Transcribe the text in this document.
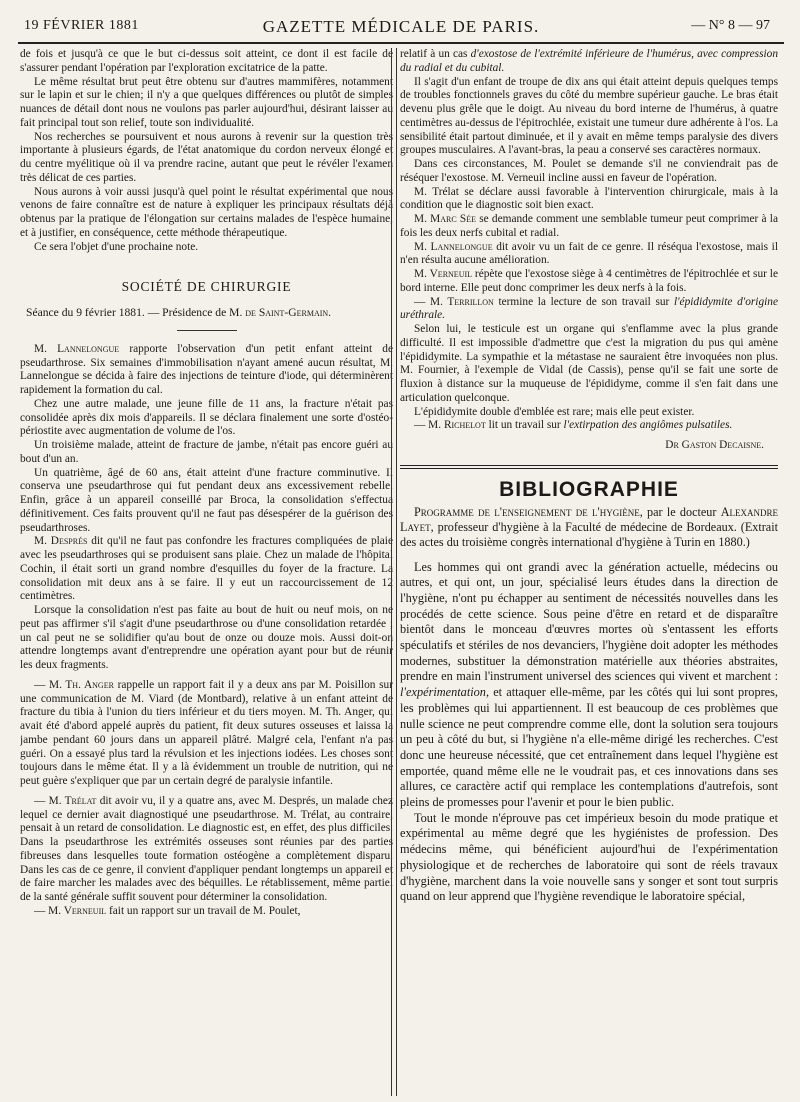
19 FÉVRIER 1881	GAZETTE MÉDICALE DE PARIS.	— N° 8 — 97

de fois et jusqu'à ce que le but ci-dessus soit atteint, ce dont il est facile de s'assurer pendant l'opération par l'exploration excitatrice de la patte.

Le même résultat brut peut être obtenu sur d'autres mammifères, notamment sur le lapin et sur le chien; il n'y a que quelques différences ou plutôt de simples nuances de détail dont nous ne voulons pas parler aujourd'hui, désirant laisser au fait principal tout son relief, toute son individualité.

Nos recherches se poursuivent et nous aurons à revenir sur la question très importante à plusieurs égards, de l'état anatomique du cordon nerveux élongé et du centre myélitique où il va prendre racine, autant que peut le révéler l'examen très délicat de ces parties.

Nous aurons à voir aussi jusqu'à quel point le résultat expérimental que nous venons de faire connaître est de nature à expliquer les principaux résultats déjà obtenus par la pratique de l'élongation sur certains malades de l'espèce humaine, et à justifier, en conséquence, cette méthode thérapeutique.

Ce sera l'objet d'une prochaine note.

SOCIÉTÉ DE CHIRURGIE

Séance du 9 février 1881. — Présidence de M. de Saint-Germain.

M. Lannelongue rapporte l'observation d'un petit enfant atteint de pseudarthrose. Six semaines d'immobilisation n'ayant amené aucun résultat, M. Lannelongue se décida à faire des injections de teinture d'iode, qui déterminèrent rapidement la formation du cal.

Chez une autre malade, une jeune fille de 11 ans, la fracture n'était pas consolidée après dix mois d'appareils. Il se déclara finalement une sorte d'ostéo-périostite avec augmentation de volume de l'os.

Un troisième malade, atteint de fracture de jambe, n'était pas encore guéri au bout d'un an.

Un quatrième, âgé de 60 ans, était atteint d'une fracture comminutive. Il conserva une pseudarthrose qui fut pendant deux ans excessivement rebelle. Enfin, grâce à un appareil conseillé par Broca, la consolidation s'effectua définitivement. Ces faits prouvent qu'il ne faut pas désespérer de la guérison des pseudarthroses.

M. Després dit qu'il ne faut pas confondre les fractures compliquées de plaie avec les pseudarthroses qui se produisent sans plaie. Chez un malade de l'hôpital Cochin, il était sorti un grand nombre d'esquilles du foyer de la fracture. La consolidation mit deux ans à se faire. Il y eut un raccourcissement de 12 centimètres.

Lorsque la consolidation n'est pas faite au bout de huit ou neuf mois, on ne peut pas affirmer s'il s'agit d'une pseudarthrose ou d'une consolidation retardée ; un cal peut ne se solidifier qu'au bout de onze ou douze mois. Aussi doit-on attendre longtemps avant d'entreprendre une opération ayant pour but de réunir les deux fragments.

— M. Th. Anger rappelle un rapport fait il y a deux ans par M. Poisillon sur une communication de M. Viard (de Montbard), relative à un enfant atteint de fracture du tibia à l'union du tiers inférieur et du tiers moyen. M. Th. Anger, qui avait été d'abord appelé auprès du patient, fit deux sutures osseuses et laissa la jambe pendant 60 jours dans un appareil plâtré. Malgré cela, l'enfant n'a pas guéri. On a essayé plus tard la révulsion et les injections iodées. Les choses sont toujours dans le même état. Il y a là évidemment un trouble de nutrition, qui ne peut guère s'expliquer que par un certain degré de paralysie infantile.

— M. Trélat dit avoir vu, il y a quatre ans, avec M. Després, un malade chez lequel ce dernier avait diagnostiqué une pseudarthrose. M. Trélat, au contraire, pensait à un retard de consolidation. Le diagnostic est, en effet, des plus difficiles. Dans la pseudarthrose les extrémités osseuses sont réunies par des parties fibreuses dans lesquelles toute formation ostéogène a complètement disparu. Dans les cas de ce genre, il convient d'appliquer pendant longtemps un appareil et de faire marcher les malades avec des béquilles. Le rétablissement, même partiel de la santé générale suffit souvent pour déterminer la consolidation.

— M. Verneuil fait un rapport sur un travail de M. Poulet,

relatif à un cas d'exostose de l'extrémité inférieure de l'humérus, avec compression du radial et du cubital.

Il s'agit d'un enfant de troupe de dix ans qui était atteint depuis quelques temps de troubles fonctionnels graves du côté du membre supérieur gauche. Le bras était devenu plus grêle que le doigt. Au niveau du bord interne de l'humérus, à quatre centimètres au-dessus de l'épitrochlée, existait une tumeur dure adhérente à l'os. La sensibilité était partout diminuée, et il y avait en même temps paralysie des divers groupes musculaires. A l'avant-bras, la peau a conservé ses caractères normaux.

Dans ces circonstances, M. Poulet se demande s'il ne conviendrait pas de réséquer l'exostose. M. Verneuil incline aussi en faveur de l'opération.

M. Trélat se déclare aussi favorable à l'intervention chirurgicale, mais à la condition que le diagnostic soit bien exact.

M. Marc Sée se demande comment une semblable tumeur peut comprimer à la fois les deux nerfs cubital et radial.

M. Lannelongue dit avoir vu un fait de ce genre. Il réséqua l'exostose, mais il n'en résulta aucune amélioration.

M. Verneuil répète que l'exostose siège à 4 centimètres de l'épitrochlée et sur le bord interne. Elle peut donc comprimer les deux nerfs à la fois.

— M. Terrillon termine la lecture de son travail sur l'épididymite d'origine uréthrale.

Selon lui, le testicule est un organe qui s'enflamme avec la plus grande difficulté. Il est impossible d'admettre que c'est la migration du pus qui amène l'épididymite. La sympathie et la métastase ne sauraient être invoquées non plus. M. Fournier, à l'exemple de Vidal (de Cassis), pense qu'il se fait une sorte de fluxion à distance sur la muqueuse de l'épididyme, comme il s'en fait dans une articulation quelconque.

L'épididymite double d'emblée est rare; mais elle peut exister.

— M. Richelot lit un travail sur l'extirpation des angiômes pulsatiles.

Dr Gaston Decaisne.

BIBLIOGRAPHIE

Programme de l'enseignement de l'hygiène, par le docteur Alexandre Layet, professeur d'hygiène à la Faculté de médecine de Bordeaux. (Extrait des actes du troisième congrès international d'hygiène à Turin en 1880.)

Les hommes qui ont grandi avec la génération actuelle, médecins ou autres, et qui ont, un jour, spécialisé leurs études dans la direction de l'hygiène, n'ont pu échapper au sentiment de nécessités nouvelles dans les procédés de cette science. Sous peine d'être en retard et de disparaître bientôt dans le monceau d'œuvres mortes où s'entassent les efforts spéculatifs et stériles de nos devanciers, l'hygiène doit adopter les méthodes modernes, substituer la démonstration matérielle aux théories abstraites, prendre en main l'instrument universel des sciences qui vivent et marchent : l'expérimentation, et attaquer elle-même, par les côtés qui lui sont propres, les problèmes qui lui appartiennent. Il est beaucoup de ces problèmes que nulle science ne peut comprendre comme elle, dont la solution sera toujours un peu à côté du but, si l'hygiène n'a elle-même dirigé les recherches. C'est donc une heureuse nécessité, que cet entraînement dans lequel l'hygiène est emportée, quand même elle ne le voudrait pas, et ces innovations dans ses allures, ce caractère actif qui remplace les contemplations d'autrefois, sont pleins de promesses pour l'avenir et pour le bien public.

Tout le monde n'éprouve pas cet impérieux besoin du mode pratique et expérimental au même degré que les hygiénistes de profession. Des médecins même, qui bénéficient aujourd'hui de l'expérimentation physiologique et de recherches de laboratoire qui sont de réels travaux d'hygiène, marchent dans la voie nouvelle sans y songer et sont tout surpris quand on leur apprend que l'hygiène revendique le laboratoire spécial,
